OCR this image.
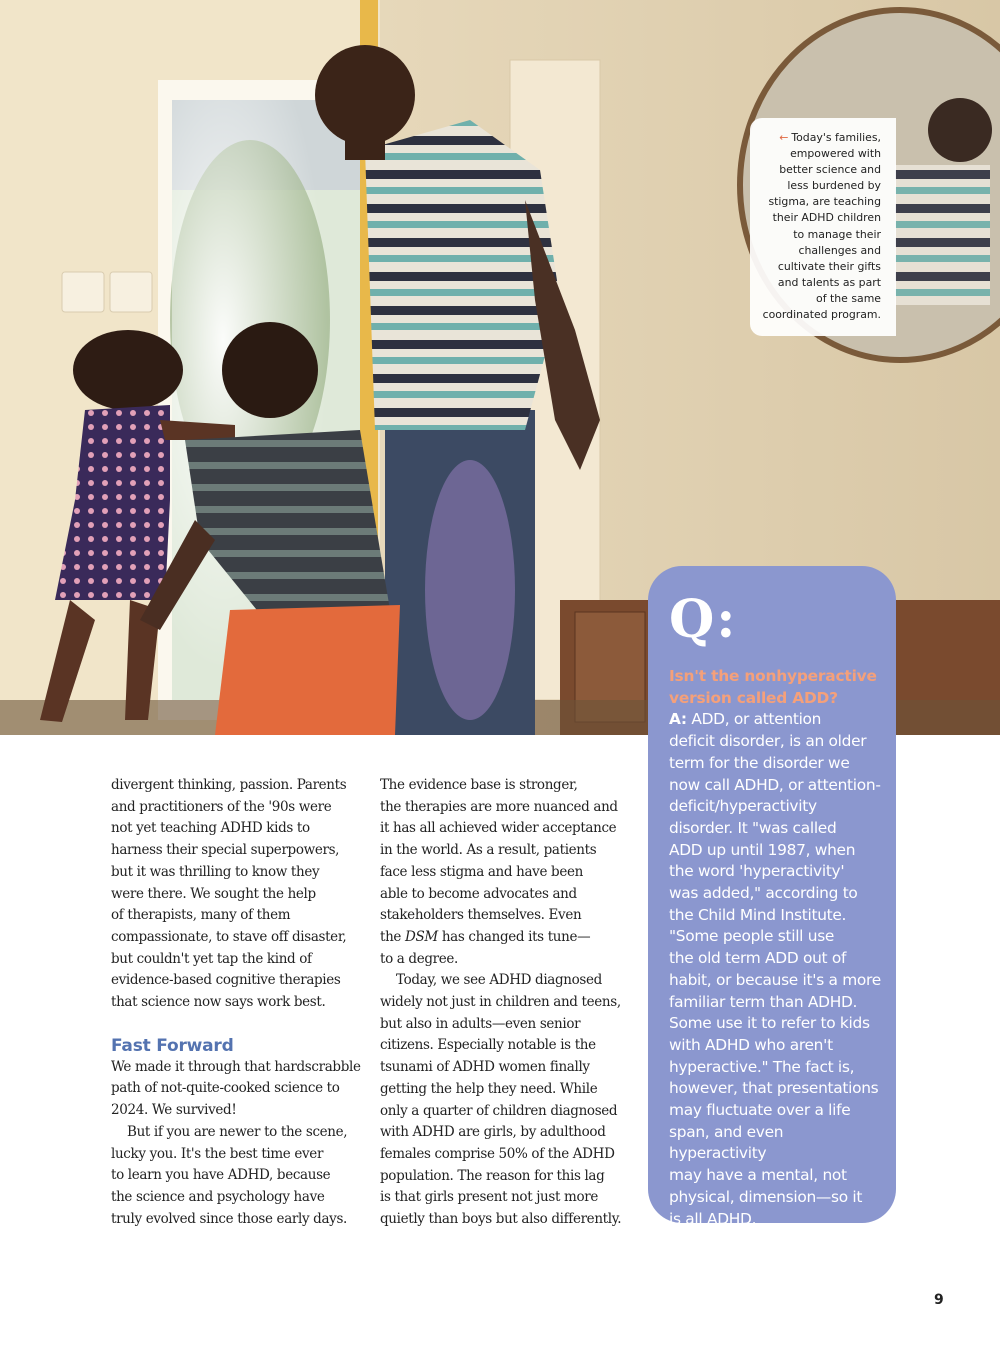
← Today's families,
empowered with
better science and
less burdened by
stigma, are teaching
their ADHD children
to manage their
challenges and
cultivate their gifts
and talents as part
of the same
coordinated program.

divergent thinking, passion. Parents
and practitioners of the '90s were
not yet teaching ADHD kids to
harness their special superpowers,
but it was thrilling to know they
were there. We sought the help
of therapists, many of them
compassionate, to stave off disaster,
but couldn't yet tap the kind of
evidence-based cognitive therapies
that science now says work best.

Fast Forward

We made it through that hardscrabble
path of not-quite-cooked science to
2024. We survived!

But if you are newer to the scene,
lucky you. It's the best time ever
to learn you have ADHD, because
the science and psychology have
truly evolved since those early days.

The evidence base is stronger,
the therapies are more nuanced and
it has all achieved wider acceptance
in the world. As a result, patients
face less stigma and have been
able to become advocates and
stakeholders themselves. Even
the DSM has changed its tune—
to a degree.

Today, we see ADHD diagnosed
widely not just in children and teens,
but also in adults—even senior
citizens. Especially notable is the
tsunami of ADHD women finally
getting the help they need. While
only a quarter of children diagnosed
with ADHD are girls, by adulthood
females comprise 50% of the ADHD
population. The reason for this lag
is that girls present not just more
quietly than boys but also differently.

Q:
Isn't the nonhyperactive
version called ADD?
A: ADD, or attention
deficit disorder, is an older
term for the disorder we
now call ADHD, or attention-
deficit/hyperactivity
disorder. It "was called
ADD up until 1987, when
the word 'hyperactivity'
was added," according to
the Child Mind Institute.
"Some people still use
the old term ADD out of
habit, or because it's a more
familiar term than ADHD.
Some use it to refer to kids
with ADHD who aren't
hyperactive." The fact is,
however, that presentations
may fluctuate over a life
span, and even hyperactivity
may have a mental, not
physical, dimension—so it
is all ADHD.
9
